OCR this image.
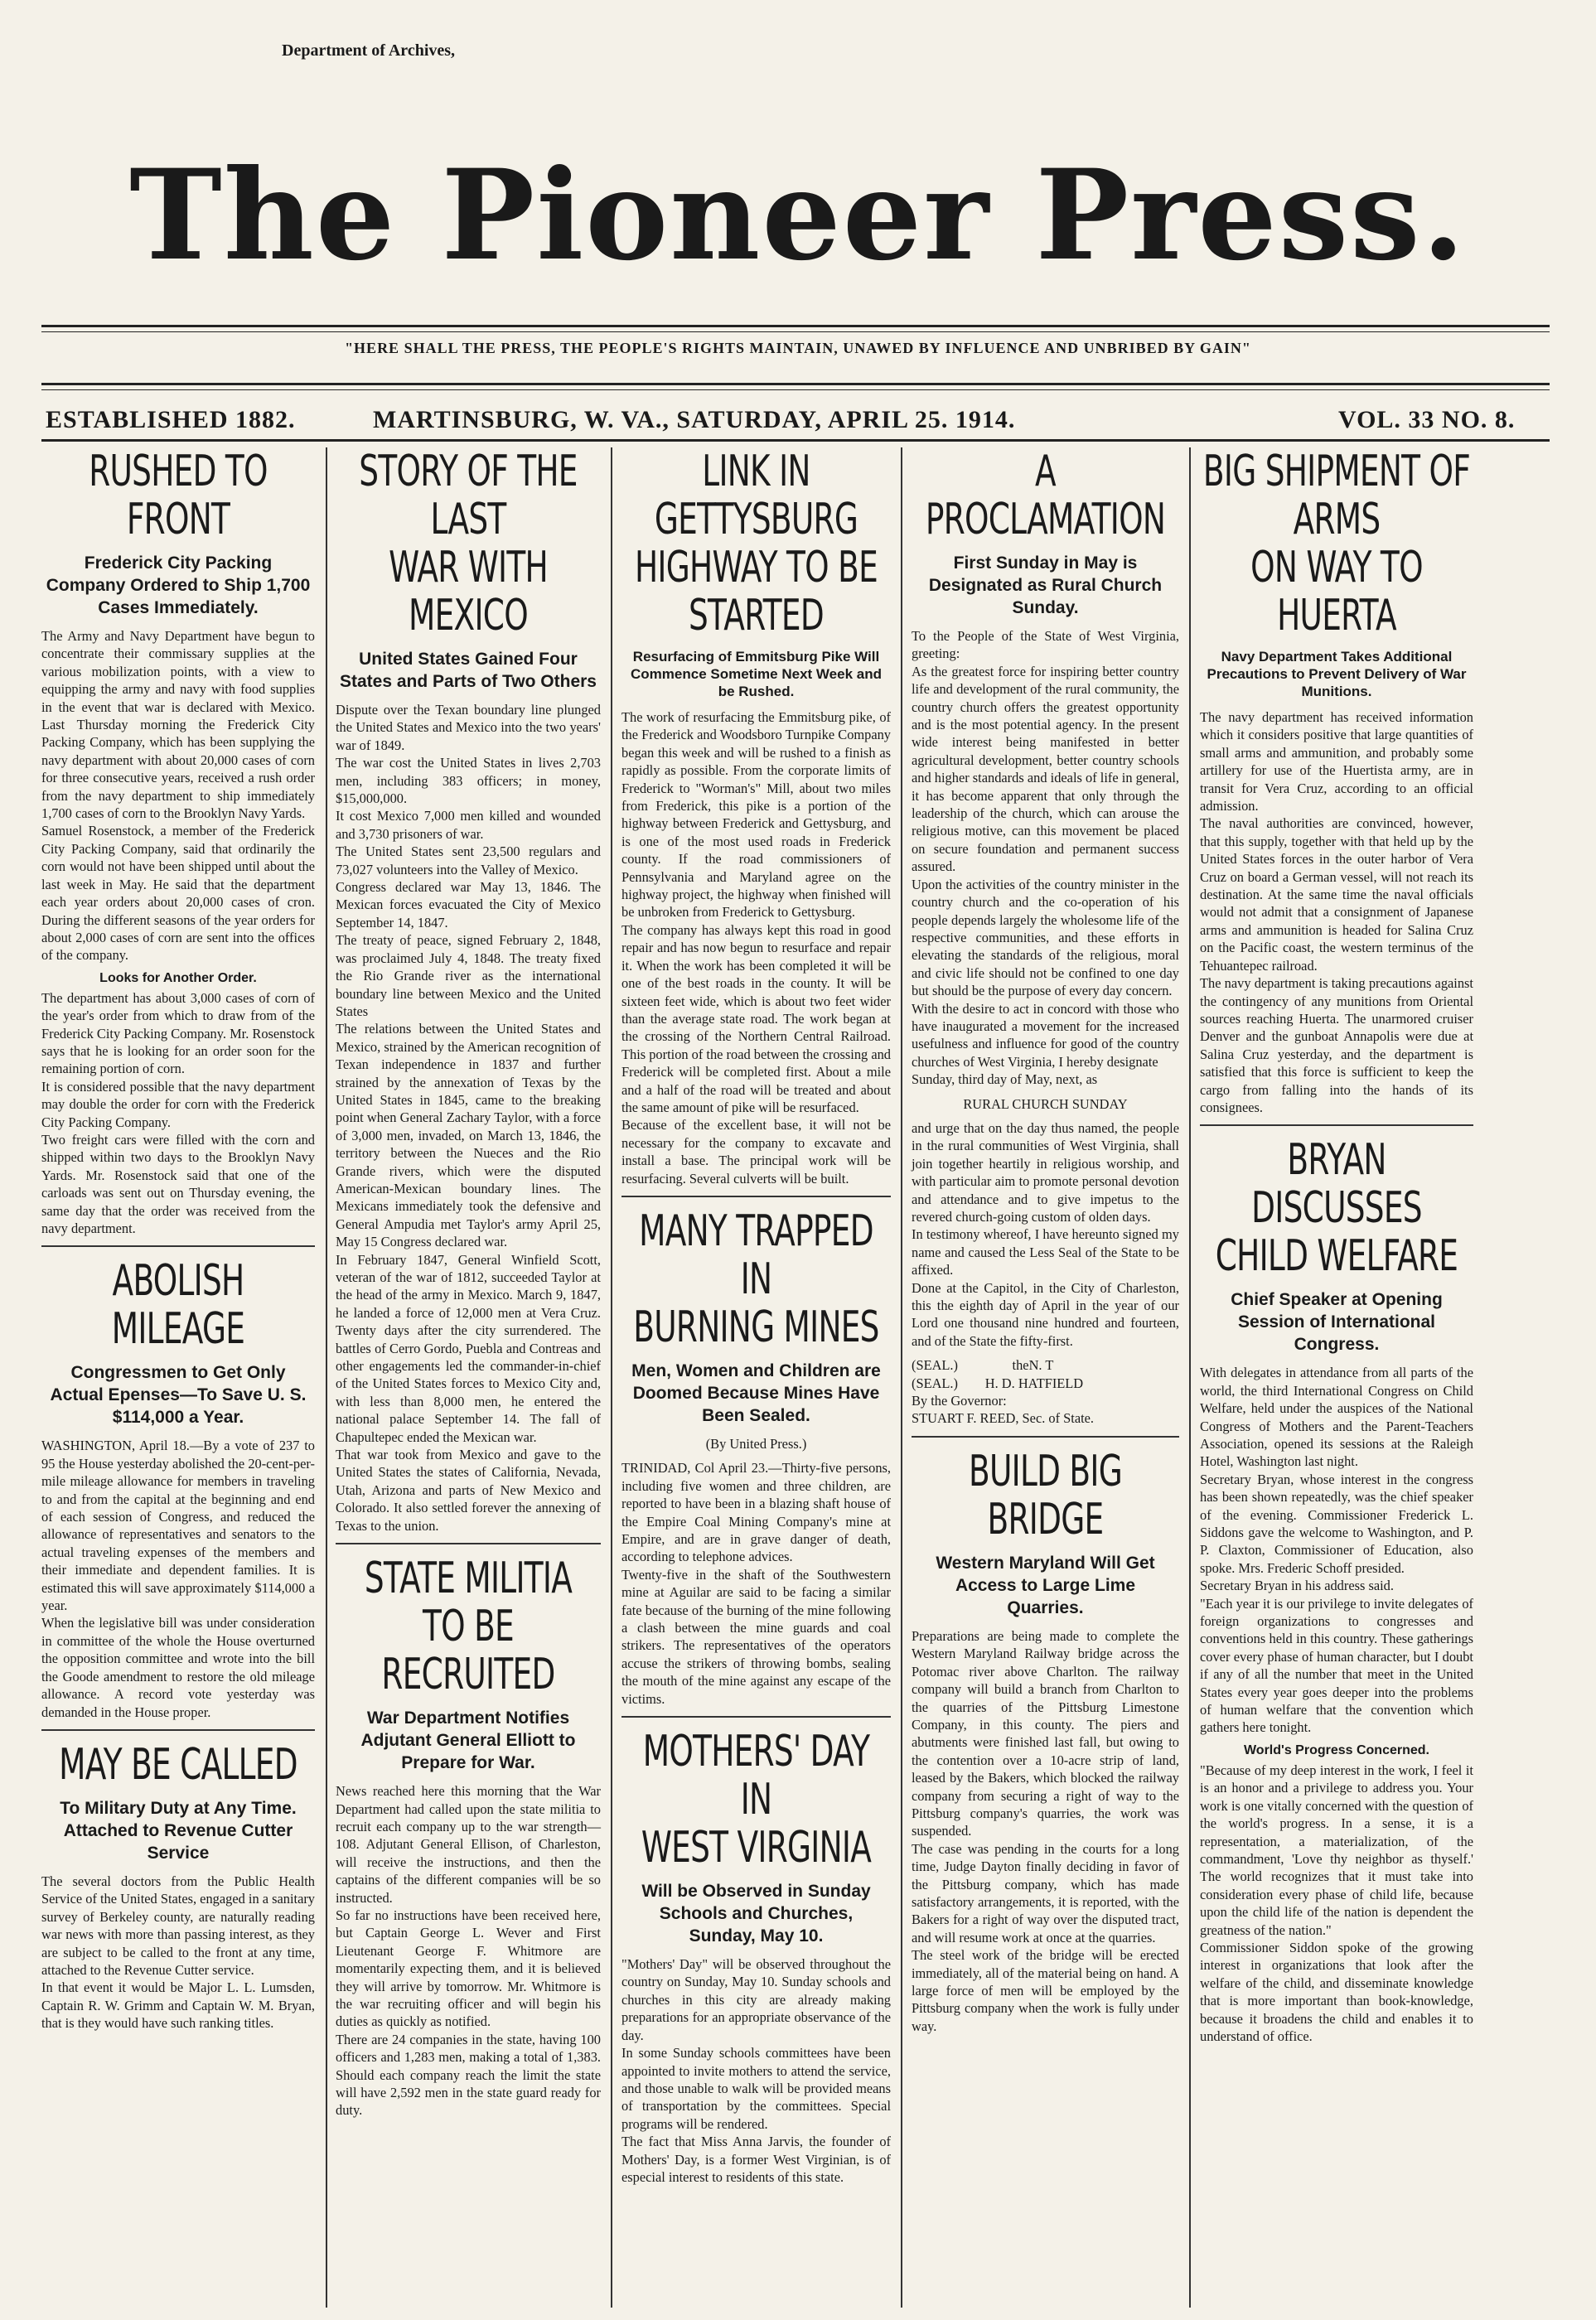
Department of Archives,
The Pioneer Press.
"HERE SHALL THE PRESS, THE PEOPLE'S RIGHTS MAINTAIN, UNAWED BY INFLUENCE AND UNBRIBED BY GAIN"
ESTABLISHED 1882.	MARTINSBURG, W. VA., SATURDAY, APRIL 25. 1914.	VOL. 33 NO. 8.
RUSHED TO FRONT
Frederick City Packing Company Ordered to Ship 1,700 Cases Immediately.
The Army and Navy Department have begun to concentrate their commissary supplies at the various mobilization points, with a view to equipping the army and navy with food supplies in the event that war is declared with Mexico. Last Thursday morning the Frederick City Packing Company, which has been supplying the navy department with about 20,000 cases of corn for three consecutive years, received a rush order from the navy department to ship immediately 1,700 cases of corn to the Brooklyn Navy Yards.
Samuel Rosenstock, a member of the Frederick City Packing Company, said that ordinarily the corn would not have been shipped until about the last week in May. He said that the department each year orders about 20,000 cases of cron. During the different seasons of the year orders for about 2,000 cases of corn are sent into the offices of the company.
Looks for Another Order.
The department has about 3,000 cases of corn of the year's order from which to draw from of the Frederick City Packing Company. Mr. Rosenstock says that he is looking for an order soon for the remaining portion of corn.
It is considered possible that the navy department may double the order for corn with the Frederick City Packing Company.
Two freight cars were filled with the corn and shipped within two days to the Brooklyn Navy Yards. Mr. Rosenstock said that one of the carloads was sent out on Thursday evening, the same day that the order was received from the navy department.
ABOLISH MILEAGE
Congressmen to Get Only Actual Epenses—To Save U. S. $114,000 a Year.
WASHINGTON, April 18.—By a vote of 237 to 95 the House yesterday abolished the 20-cent-per-mile mileage allowance for members in traveling to and from the capital at the beginning and end of each session of Congress, and reduced the allowance of representatives and senators to the actual traveling expenses of the members and their immediate and dependent families. It is estimated this will save approximately $114,000 a year.
When the legislative bill was under consideration in committee of the whole the House overturned the opposition committee and wrote into the bill the Goode amendment to restore the old mileage allowance. A record vote yesterday was demanded in the House proper.
MAY BE CALLED
To Military Duty at Any Time. Attached to Revenue Cutter Service
The several doctors from the Public Health Service of the United States, engaged in a sanitary survey of Berkeley county, are naturally reading war news with more than passing interest, as they are subject to be called to the front at any time, attached to the Revenue Cutter service.
In that event it would be Major L. L. Lumsden, Captain R. W. Grimm and Captain W. M. Bryan, that is they would have such ranking titles.
STORY OF THE LAST
WAR WITH MEXICO
United States Gained Four States and Parts of Two Others
Dispute over the Texan boundary line plunged the United States and Mexico into the two years' war of 1849.
The war cost the United States in lives 2,703 men, including 383 officers; in money, $15,000,000.
It cost Mexico 7,000 men killed and wounded and 3,730 prisoners of war.
The United States sent 23,500 regulars and 73,027 volunteers into the Valley of Mexico.
Congress declared war May 13, 1846. The Mexican forces evacuated the City of Mexico September 14, 1847.
The treaty of peace, signed February 2, 1848, was proclaimed July 4, 1848. The treaty fixed the Rio Grande river as the international boundary line between Mexico and the United States
The relations between the United States and Mexico, strained by the American recognition of Texan independence in 1837 and further strained by the annexation of Texas by the United States in 1845, came to the breaking point when General Zachary Taylor, with a force of 3,000 men, invaded, on March 13, 1846, the territory between the Nueces and the Rio Grande rivers, which were the disputed American-Mexican boundary lines. The Mexicans immediately took the defensive and General Ampudia met Taylor's army April 25, May 15 Congress declared war.
In February 1847, General Winfield Scott, veteran of the war of 1812, succeeded Taylor at the head of the army in Mexico. March 9, 1847, he landed a force of 12,000 men at Vera Cruz. Twenty days after the city surrendered. The battles of Cerro Gordo, Puebla and Contreas and other engagements led the commander-in-chief of the United States forces to Mexico City and, with less than 8,000 men, he entered the national palace September 14. The fall of Chapultepec ended the Mexican war.
That war took from Mexico and gave to the United States the states of California, Nevada, Utah, Arizona and parts of New Mexico and Colorado. It also settled forever the annexing of Texas to the union.
STATE MILITIA
TO BE RECRUITED
War Department Notifies Adjutant General Elliott to Prepare for War.
News reached here this morning that the War Department had called upon the state militia to recruit each company up to the war strength—108. Adjutant General Ellison, of Charleston, will receive the instructions, and then the captains of the different companies will be so instructed.
So far no instructions have been received here, but Captain George L. Wever and First Lieutenant George F. Whitmore are momentarily expecting them, and it is believed they will arrive by tomorrow. Mr. Whitmore is the war recruiting officer and will begin his duties as quickly as notified.
There are 24 companies in the state, having 100 officers and 1,283 men, making a total of 1,383. Should each company reach the limit the state will have 2,592 men in the state guard ready for duty.
LINK IN GETTYSBURG
HIGHWAY TO BE STARTED
Resurfacing of Emmitsburg Pike Will Commence Sometime Next Week and be Rushed.
The work of resurfacing the Emmitsburg pike, of the Frederick and Woodsboro Turnpike Company began this week and will be rushed to a finish as rapidly as possible. From the corporate limits of Frederick to "Worman's" Mill, about two miles from Frederick, this pike is a portion of the highway between Frederick and Gettysburg, and is one of the most used roads in Frederick county. If the road commissioners of Pennsylvania and Maryland agree on the highway project, the highway when finished will be unbroken from Frederick to Gettysburg.
The company has always kept this road in good repair and has now begun to resurface and repair it. When the work has been completed it will be one of the best roads in the county. It will be sixteen feet wide, which is about two feet wider than the average state road. The work began at the crossing of the Northern Central Railroad. This portion of the road between the crossing and Frederick will be completed first. About a mile and a half of the road will be treated and about the same amount of pike will be resurfaced.
Because of the excellent base, it will not be necessary for the company to excavate and install a base. The principal work will be resurfacing. Several culverts will be built.
MANY TRAPPED IN
BURNING MINES
Men, Women and Children are Doomed Because Mines Have Been Sealed.
(By United Press.)
TRINIDAD, Col April 23.—Thirty-five persons, including five women and three children, are reported to have been in a blazing shaft house of the Empire Coal Mining Company's mine at Empire, and are in grave danger of death, according to telephone advices.
Twenty-five in the shaft of the Southwestern mine at Aguilar are said to be facing a similar fate because of the burning of the mine following a clash between the mine guards and coal strikers. The representatives of the operators accuse the strikers of throwing bombs, sealing the mouth of the mine against any escape of the victims.
MOTHERS' DAY IN
WEST VIRGINIA
Will be Observed in Sunday Schools and Churches, Sunday, May 10.
"Mothers' Day" will be observed throughout the country on Sunday, May 10. Sunday schools and churches in this city are already making preparations for an appropriate observance of the day.
In some Sunday schools committees have been appointed to invite mothers to attend the service, and those unable to walk will be provided means of transportation by the committees. Special programs will be rendered.
The fact that Miss Anna Jarvis, the founder of Mothers' Day, is a former West Virginian, is of especial interest to residents of this state.
A PROCLAMATION
First Sunday in May is Designated as Rural Church Sunday.
To the People of the State of West Virginia, greeting:
As the greatest force for inspiring better country life and development of the rural community, the country church offers the greatest opportunity and is the most potential agency. In the present wide interest being manifested in better agricultural development, better country schools and higher standards and ideals of life in general, it has become apparent that only through the leadership of the church, which can arouse the religious motive, can this movement be placed on secure foundation and permanent success assured.
Upon the activities of the country minister in the country church and the co-operation of his people depends largely the wholesome life of the respective communities, and these efforts in elevating the standards of the religious, moral and civic life should not be confined to one day but should be the purpose of every day concern.
With the desire to act in concord with those who have inaugurated a movement for the increased usefulness and influence for good of the country churches of West Virginia, I hereby designate
Sunday, third day of May, next, as
RURAL CHURCH SUNDAY
and urge that on the day thus named, the people in the rural communities of West Virginia, shall join together heartily in religious worship, and with particular aim to promote personal devotion and attendance and to give impetus to the revered church-going custom of olden days.
In testimony whereof, I have hereunto signed my name and caused the Less Seal of the State to be affixed.
Done at the Capitol, in the City of Charleston, this the eighth day of April in the year of our Lord one thousand nine hundred and fourteen, and of the State the fifty-first.
(SEAL.)                theN. T
(SEAL.)        H. D. HATFIELD
By the Governor:
STUART F. REED, Sec. of State.
BUILD BIG BRIDGE
Western Maryland Will Get Access to Large Lime Quarries.
Preparations are being made to complete the Western Maryland Railway bridge across the Potomac river above Charlton. The railway company will build a branch from Charlton to the quarries of the Pittsburg Limestone Company, in this county. The piers and abutments were finished last fall, but owing to the contention over a 10-acre strip of land, leased by the Bakers, which blocked the railway company from securing a right of way to the Pittsburg company's quarries, the work was suspended.
The case was pending in the courts for a long time, Judge Dayton finally deciding in favor of the Pittsburg company, which has made satisfactory arrangements, it is reported, with the Bakers for a right of way over the disputed tract, and will resume work at once at the quarries.
The steel work of the bridge will be erected immediately, all of the material being on hand. A large force of men will be employed by the Pittsburg company when the work is fully under way.
BIG SHIPMENT OF ARMS
ON WAY TO HUERTA
Navy Department Takes Additional Precautions to Prevent Delivery of War Munitions.
The navy department has received information which it considers positive that large quantities of small arms and ammunition, and probably some artillery for use of the Huertista army, are in transit for Vera Cruz, according to an official admission.
The naval authorities are convinced, however, that this supply, together with that held up by the United States forces in the outer harbor of Vera Cruz on board a German vessel, will not reach its destination. At the same time the naval officials would not admit that a consignment of Japanese arms and ammunition is headed for Salina Cruz on the Pacific coast, the western terminus of the Tehuantepec railroad.
The navy department is taking precautions against the contingency of any munitions from Oriental sources reaching Huerta. The unarmored cruiser Denver and the gunboat Annapolis were due at Salina Cruz yesterday, and the department is satisfied that this force is sufficient to keep the cargo from falling into the hands of its consignees.
BRYAN DISCUSSES
CHILD WELFARE
Chief Speaker at Opening Session of International Congress.
With delegates in attendance from all parts of the world, the third International Congress on Child Welfare, held under the auspices of the National Congress of Mothers and the Parent-Teachers Association, opened its sessions at the Raleigh Hotel, Washington last night.
Secretary Bryan, whose interest in the congress has been shown repeatedly, was the chief speaker of the evening. Commissioner Frederick L. Siddons gave the welcome to Washington, and P. P. Claxton, Commissioner of Education, also spoke. Mrs. Frederic Schoff presided.
Secretary Bryan in his address said.
"Each year it is our privilege to invite delegates of foreign organizations to congresses and conventions held in this country. These gatherings cover every phase of human character, but I doubt if any of all the number that meet in the United States every year goes deeper into the problems of human welfare that the convention which gathers here tonight.
World's Progress Concerned.
"Because of my deep interest in the work, I feel it is an honor and a privilege to address you. Your work is one vitally concerned with the question of the world's progress. In a sense, it is a representation, a materialization, of the commandment, 'Love thy neighbor as thyself.' The world recognizes that it must take into consideration every phase of child life, because upon the child life of the nation is dependent the greatness of the nation."
Commissioner Siddon spoke of the growing interest in organizations that look after the welfare of the child, and disseminate knowledge that is more important than book-knowledge, because it broadens the child and enables it to understand of office.
